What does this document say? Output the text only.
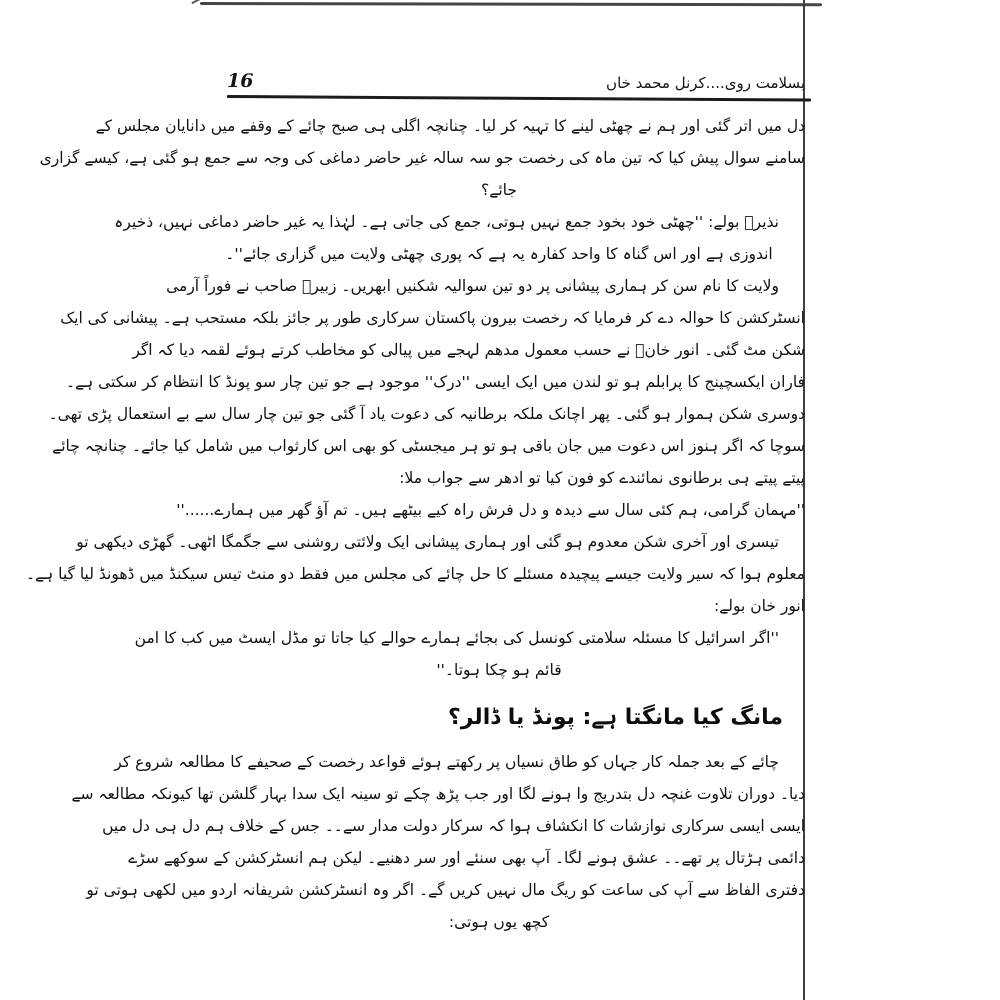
16	بسلامت روی....کرنل محمد خاں
دل میں اتر گئی اور ہم نے چھٹی لینے کا تہیہ کر لیا۔ چنانچہ اگلی ہی صبح چائے کے وقفے میں دانایان مجلس کے
سامنے سوال پیش کیا کہ تین ماہ کی رخصت جو سہ سالہ غیر حاضر دماغی کی وجہ سے جمع ہو گئی ہے، کیسے گزاری
جائے؟
نذیرؔ بولے: ''چھٹی خود بخود جمع نہیں ہوتی، جمع کی جاتی ہے۔ لہٰذا یہ غیر حاضر دماغی نہیں، ذخیرہ
اندوزی ہے اور اس گناہ کا واحد کفارہ یہ ہے کہ پوری چھٹی ولایت میں گزاری جائے''۔
ولایت کا نام سن کر ہماری پیشانی پر دو تین سوالیہ شکنیں ابھریں۔ زبیرؔ صاحب نے فوراً آرمی
انسٹرکشن کا حوالہ دے کر فرمایا کہ رخصت بیرون پاکستان سرکاری طور پر جائز بلکہ مستحب ہے۔ پیشانی کی ایک
شکن مٹ گئی۔ انور خانؔ نے حسب معمول مدھم لہجے میں پیالی کو مخاطب کرتے ہوئے لقمہ دیا کہ اگر
فاران ایکسچینج کا پرابلم ہو تو لندن میں ایک ایسی ''درک'' موجود ہے جو تین چار سو پونڈ کا انتظام کر سکتی ہے۔
دوسری شکن ہموار ہو گئی۔ پھر اچانک ملکہ برطانیہ کی دعوت یاد آ گئی جو تین چار سال سے بے استعمال پڑی تھی۔
سوچا کہ اگر ہنوز اس دعوت میں جان باقی ہو تو ہر میجسٹی کو بھی اس کارثواب میں شامل کیا جائے۔ چنانچہ چائے
پیتے پیتے ہی برطانوی نمائندے کو فون کیا تو ادھر سے جواب ملا:
''مہمان گرامی، ہم کئی سال سے دیدہ و دل فرش راہ کیے بیٹھے ہیں۔ تم آؤ گھر میں ہمارے......''
تیسری اور آخری شکن معدوم ہو گئی اور ہماری پیشانی ایک ولائتی روشنی سے جگمگا اٹھی۔ گھڑی دیکھی تو
معلوم ہوا کہ سیر ولایت جیسے پیچیدہ مسئلے کا حل چائے کی مجلس میں فقط دو منٹ تیس سیکنڈ میں ڈھونڈ لیا گیا ہے۔
انور خان بولے:
''اگر اسرائیل کا مسئلہ سلامتی کونسل کی بجائے ہمارے حوالے کیا جاتا تو مڈل ایسٹ میں کب کا امن
قائم ہو چکا ہوتا۔''
مانگ کیا مانگتا ہے: پونڈ یا ڈالر؟
چائے کے بعد جملہ کار جہاں کو طاق نسیاں پر رکھتے ہوئے قواعد رخصت کے صحیفے کا مطالعہ شروع کر
دیا۔ دوران تلاوت غنچہ دل بتدریج وا ہونے لگا اور جب پڑھ چکے تو سینہ ایک سدا بہار گلشن تھا کیونکہ مطالعہ سے
ایسی ایسی سرکاری نوازشات کا انکشاف ہوا کہ سرکار دولت مدار سے۔۔ جس کے خلاف ہم دل ہی دل میں
دائمی ہڑتال پر تھے۔۔ عشق ہونے لگا۔ آپ بھی سنئے اور سر دھنیے۔ لیکن ہم انسٹرکشن کے سوکھے سڑے
دفتری الفاظ سے آپ کی ساعت کو ریگ مال نہیں کریں گے۔ اگر وہ انسٹرکشن شریفانہ اردو میں لکھی ہوتی تو
کچھ یوں ہوتی:
